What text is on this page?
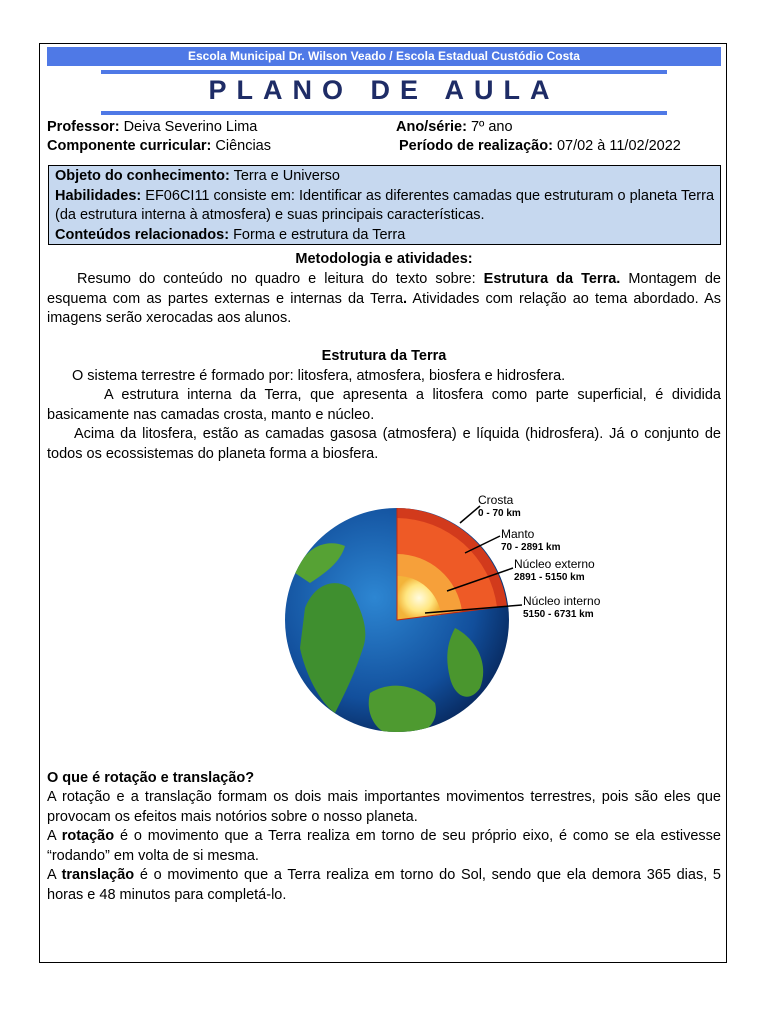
Escola Municipal Dr. Wilson Veado / Escola Estadual Custódio Costa
PLANO DE AULA
Professor: Deiva Severino Lima	Ano/série: 7º ano
Componente curricular: Ciências	Período de realização: 07/02 à 11/02/2022
Objeto do conhecimento: Terra e Universo
Habilidades: EF06CI11 consiste em: Identificar as diferentes camadas que estruturam o planeta Terra (da estrutura interna à atmosfera) e suas principais características.
Conteúdos relacionados: Forma e estrutura da Terra
Metodologia e atividades:
Resumo do conteúdo no quadro e leitura do texto sobre: Estrutura da Terra. Montagem de esquema com as partes externas e internas da Terra. Atividades com relação ao tema abordado. As imagens serão xerocadas aos alunos.
Estrutura da Terra
O sistema terrestre é formado por: litosfera, atmosfera, biosfera e hidrosfera.
A estrutura interna da Terra, que apresenta a litosfera como parte superficial, é dividida basicamente nas camadas crosta, manto e núcleo.
Acima da litosfera, estão as camadas gasosa (atmosfera) e líquida (hidrosfera). Já o conjunto de todos os ecossistemas do planeta forma a biosfera.
Crosta
0 - 70 km
Manto
70 - 2891 km
Núcleo externo
2891 - 5150 km
Núcleo interno
5150 - 6731 km
O que é rotação e translação?
A rotação e a translação formam os dois mais importantes movimentos terrestres, pois são eles que provocam os efeitos mais notórios sobre o nosso planeta.
A rotação é o movimento que a Terra realiza em torno de seu próprio eixo, é como se ela estivesse “rodando” em volta de si mesma.
A translação é o movimento que a Terra realiza em torno do Sol, sendo que ela demora 365 dias, 5 horas e 48 minutos para completá-lo.
